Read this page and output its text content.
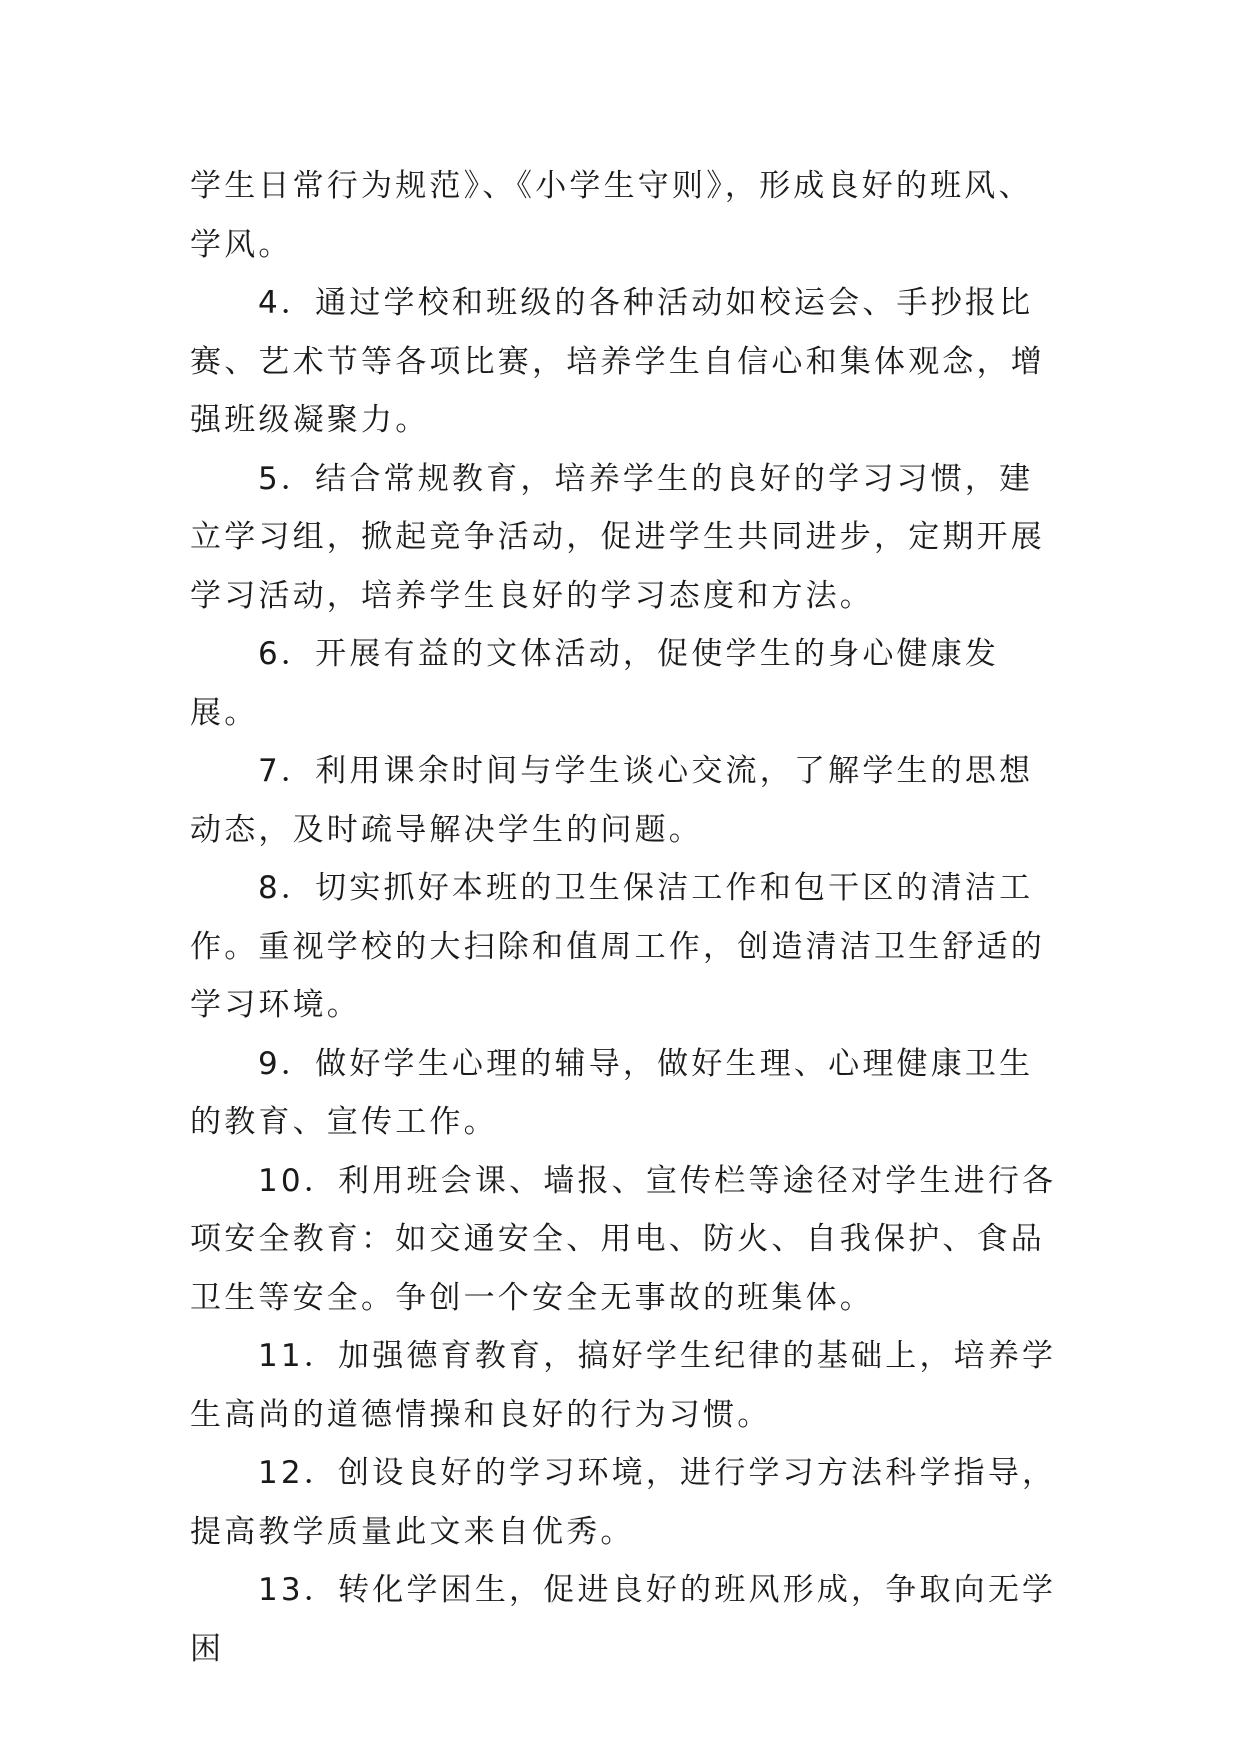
学生日常行为规范》、《小学生守则》，形成良好的班风、学风。

4．通过学校和班级的各种活动如校运会、手抄报比赛、艺术节等各项比赛，培养学生自信心和集体观念，增强班级凝聚力。

5．结合常规教育，培养学生的良好的学习习惯，建立学习组，掀起竞争活动，促进学生共同进步，定期开展学习活动，培养学生良好的学习态度和方法。

6．开展有益的文体活动，促使学生的身心健康发展。

7．利用课余时间与学生谈心交流，了解学生的思想动态，及时疏导解决学生的问题。

8．切实抓好本班的卫生保洁工作和包干区的清洁工作。重视学校的大扫除和值周工作，创造清洁卫生舒适的学习环境。

9．做好学生心理的辅导，做好生理、心理健康卫生的教育、宣传工作。

10．利用班会课、墙报、宣传栏等途径对学生进行各项安全教育：如交通安全、用电、防火、自我保护、食品卫生等安全。争创一个安全无事故的班集体。

11．加强德育教育，搞好学生纪律的基础上，培养学生高尚的道德情操和良好的行为习惯。

12．创设良好的学习环境，进行学习方法科学指导，提高教学质量此文来自优秀。

13．转化学困生，促进良好的班风形成，争取向无学困
